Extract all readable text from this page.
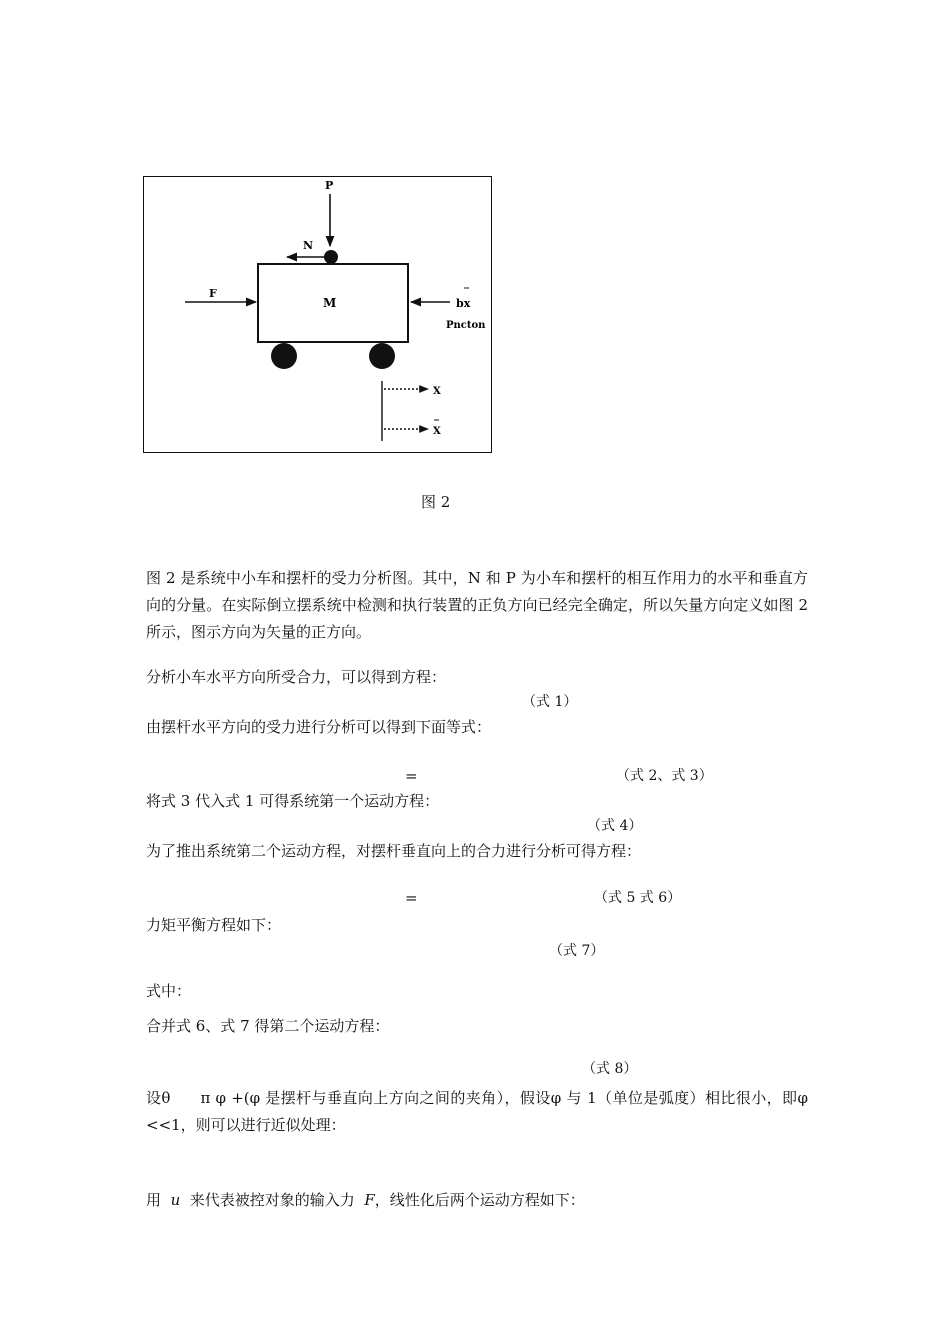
P
N
M
F
bx
Pncton
X
X
图 2
图 2 是系统中小车和摆杆的受力分析图。其中，N 和 P 为小车和摆杆的相互作用力的水平和垂直方向的分量。在实际倒立摆系统中检测和执行装置的正负方向已经完全确定，所以矢量方向定义如图 2 所示，图示方向为矢量的正方向。
分析小车水平方向所受合力，可以得到方程：
（式 1）
由摆杆水平方向的受力进行分析可以得到下面等式：
=	（式 2、式 3）
将式 3 代入式 1 可得系统第一个运动方程：
（式 4）
为了推出系统第二个运动方程，对摆杆垂直向上的合力进行分析可得方程：
=	（式 5 式 6）
力矩平衡方程如下：
（式 7）
式中：
合并式 6、式 7 得第二个运动方程：
（式 8）
设θ π φ +(φ 是摆杆与垂直向上方向之间的夹角），假设φ 与 1（单位是弧度）相比很小，即φ <<1，则可以进行近似处理：
用 u 来代表被控对象的输入力 F，线性化后两个运动方程如下：
